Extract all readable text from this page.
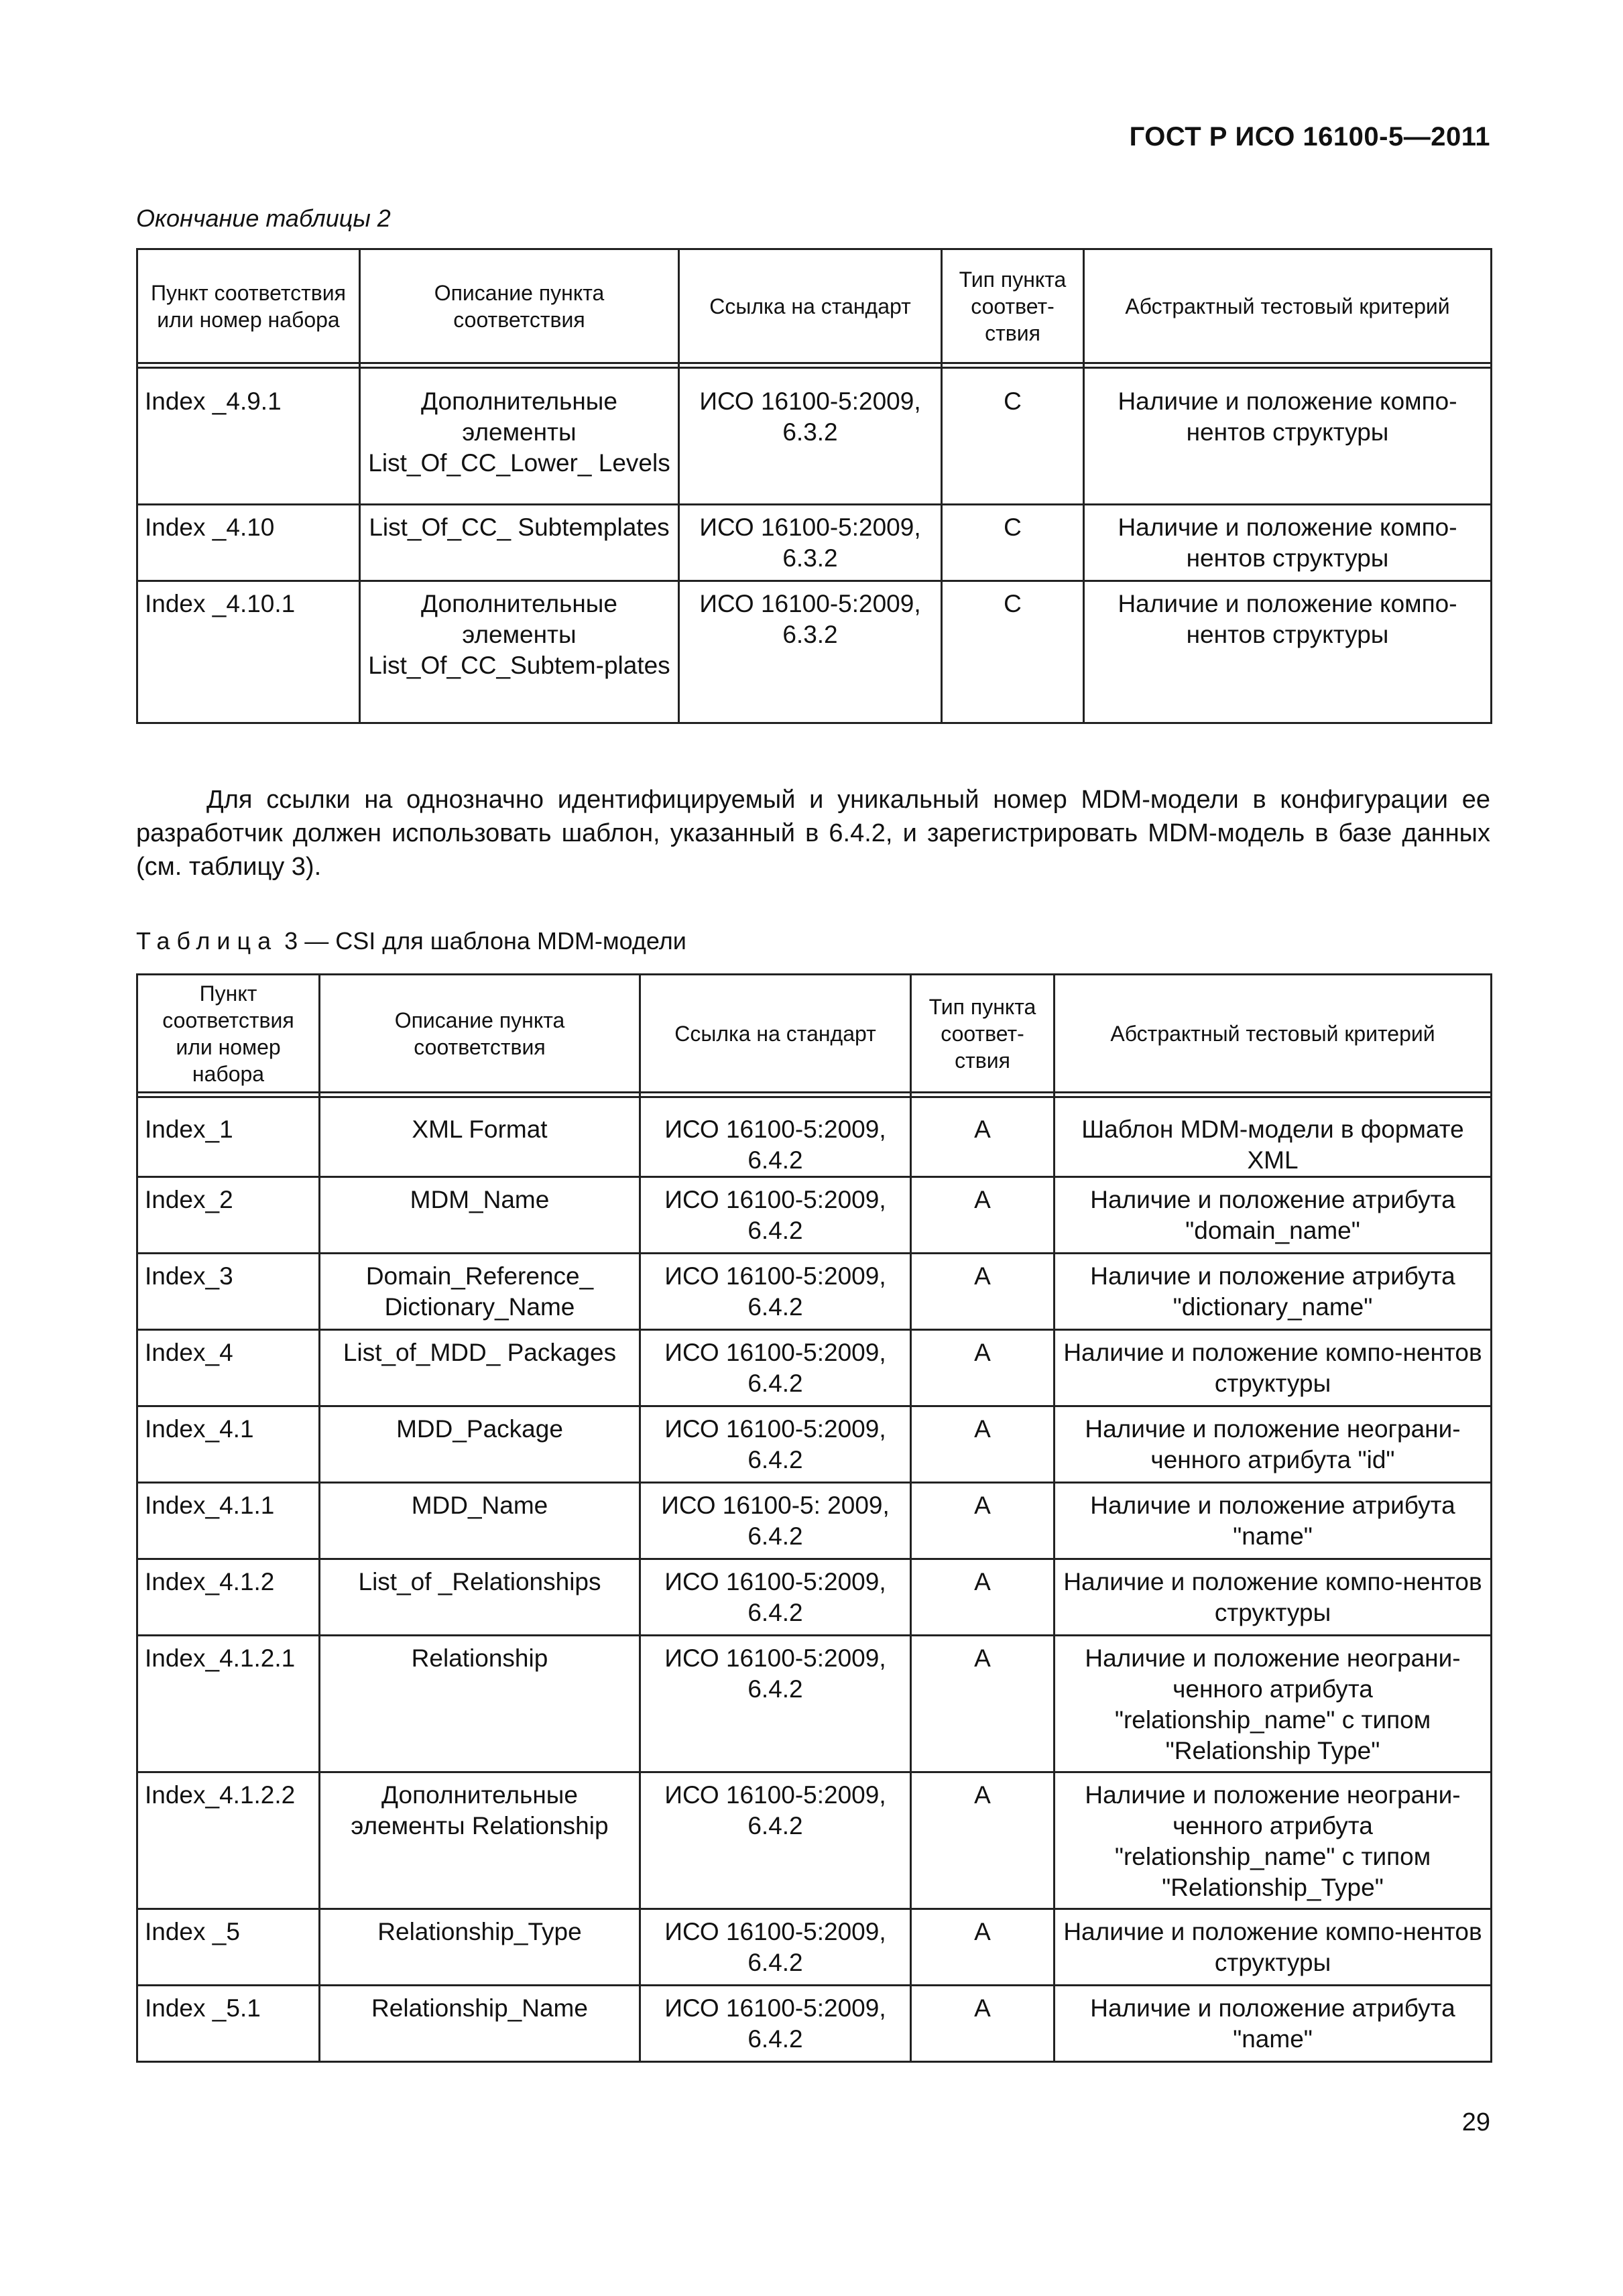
ГОСТ Р ИСО 16100-5—2011
Окончание таблицы 2
Пункт соответствия или номер набора	Описание пункта соответствия	Ссылка на стандарт	Тип пункта соответ-ствия	Абстрактный тестовый критерий

Index _4.9.1	Дополнительные элементы List_Of_CC_Lower_ Levels	ИСО 16100-5:2009, 6.3.2	C	Наличие и положение компо-нентов структуры
Index _4.10	List_Of_CC_ Subtemplates	ИСО 16100-5:2009, 6.3.2	C	Наличие и положение компо-нентов структуры
Index _4.10.1	Дополнительные элементы List_Of_CC_Subtem-plates	ИСО 16100-5:2009, 6.3.2	C	Наличие и положение компо-нентов структуры
Для ссылки на однозначно идентифицируемый и уникальный номер MDM-модели в конфигурации ее разработчик должен использовать шаблон, указанный в 6.4.2, и зарегистрировать MDM-модель в базе данных (см. таблицу 3).
Таблица 3 — CSI для шаблона MDM-модели
Пункт соответствия или номер набора	Описание пункта соответствия	Ссылка на стандарт	Тип пункта соответ-ствия	Абстрактный тестовый критерий

Index_1	XML Format	ИСО 16100-5:2009, 6.4.2	A	Шаблон MDM-модели в формате XML
Index_2	MDM_Name	ИСО 16100-5:2009, 6.4.2	A	Наличие и положение атрибута "domain_name"
Index_3	Domain_Reference_ Dictionary_Name	ИСО 16100-5:2009, 6.4.2	A	Наличие и положение атрибута "dictionary_name"
Index_4	List_of_MDD_ Packages	ИСО 16100-5:2009, 6.4.2	A	Наличие и положение компо-нентов структуры
Index_4.1	MDD_Package	ИСО 16100-5:2009, 6.4.2	A	Наличие и положение неограни-ченного атрибута "id"
Index_4.1.1	MDD_Name	ИСО 16100-5: 2009, 6.4.2	A	Наличие и положение атрибута "name"
Index_4.1.2	List_of _Relationships	ИСО 16100-5:2009, 6.4.2	A	Наличие и положение компо-нентов структуры
Index_4.1.2.1	Relationship	ИСО 16100-5:2009, 6.4.2	A	Наличие и положение неограни-ченного атрибута "relationship_name" с типом "Relationship Type"
Index_4.1.2.2	Дополнительные элементы Relationship	ИСО 16100-5:2009, 6.4.2	A	Наличие и положение неограни-ченного атрибута "relationship_name" с типом "Relationship_Type"
Index _5	Relationship_Type	ИСО 16100-5:2009, 6.4.2	A	Наличие и положение компо-нентов структуры
Index _5.1	Relationship_Name	ИСО 16100-5:2009, 6.4.2	A	Наличие и положение атрибута "name"
29
